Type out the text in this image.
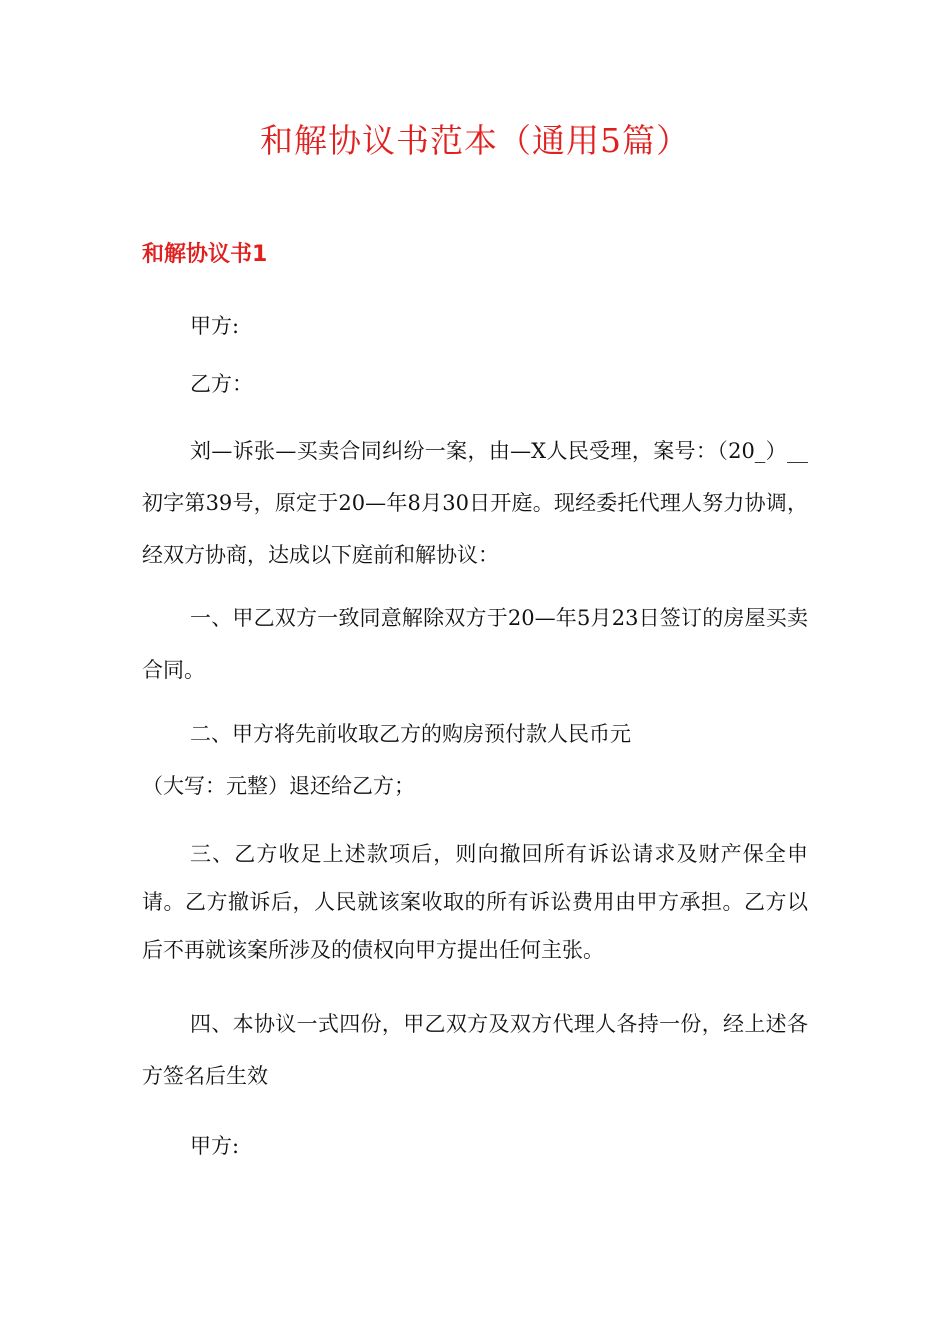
和解协议书范本（通用5篇）
和解协议书1

甲方:

乙方：

刘—诉张—买卖合同纠纷一案，由—X人民受理，案号：（20_）__初字第39号，原定于20—年8月30日开庭。现经委托代理人努力协调，经双方协商，达成以下庭前和解协议：

一、甲乙双方一致同意解除双方于20—年5月23日签订的房屋买卖合同。

二、甲方将先前收取乙方的购房预付款人民币元

（大写：元整）退还给乙方；

三、乙方收足上述款项后，则向撤回所有诉讼请求及财产保全申请。乙方撤诉后，人民就该案收取的所有诉讼费用由甲方承担。乙方以后不再就该案所涉及的债权向甲方提出任何主张。

四、本协议一式四份，甲乙双方及双方代理人各持一份，经上述各方签名后生效

甲方:
